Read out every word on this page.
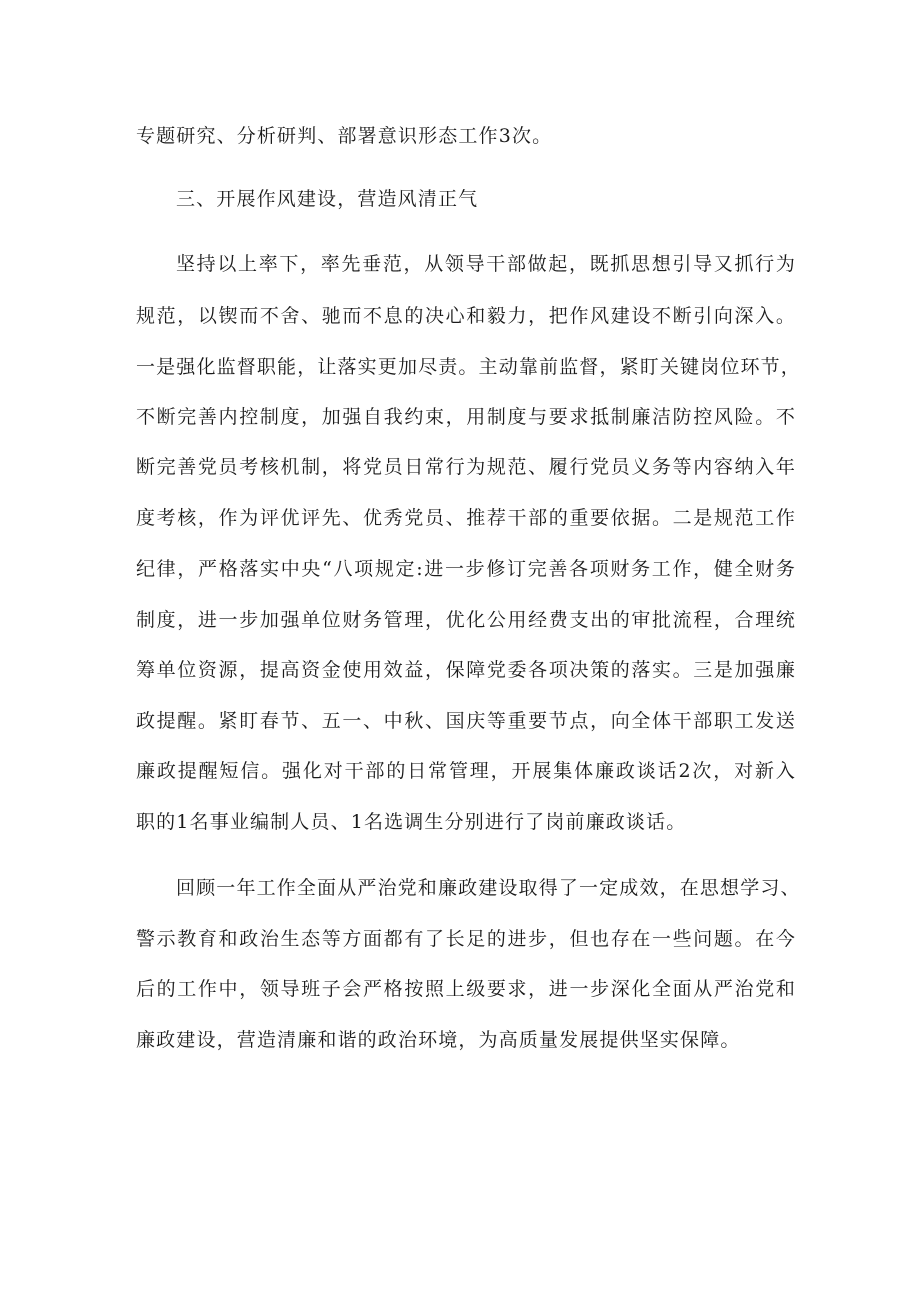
专题研究、分析研判、部署意识形态工作3次。

三、开展作风建设，营造风清正气

坚持以上率下，率先垂范，从领导干部做起，既抓思想引导又抓行为

规范，以锲而不舍、驰而不息的决心和毅力，把作风建设不断引向深入。

一是强化监督职能，让落实更加尽责。主动靠前监督，紧盯关键岗位环节，

不断完善内控制度，加强自我约束，用制度与要求抵制廉洁防控风险。不

断完善党员考核机制，将党员日常行为规范、履行党员义务等内容纳入年

度考核，作为评优评先、优秀党员、推荐干部的重要依据。二是规范工作

纪律，严格落实中央“八项规定:进一步修订完善各项财务工作，健全财务

制度，进一步加强单位财务管理，优化公用经费支出的审批流程，合理统

筹单位资源，提高资金使用效益，保障党委各项决策的落实。三是加强廉

政提醒。紧盯春节、五一、中秋、国庆等重要节点，向全体干部职工发送

廉政提醒短信。强化对干部的日常管理，开展集体廉政谈话2次，对新入

职的1名事业编制人员、1名选调生分别进行了岗前廉政谈话。

回顾一年工作全面从严治党和廉政建设取得了一定成效，在思想学习、

警示教育和政治生态等方面都有了长足的进步，但也存在一些问题。在今

后的工作中，领导班子会严格按照上级要求，进一步深化全面从严治党和

廉政建设，营造清廉和谐的政治环境，为高质量发展提供坚实保障。
